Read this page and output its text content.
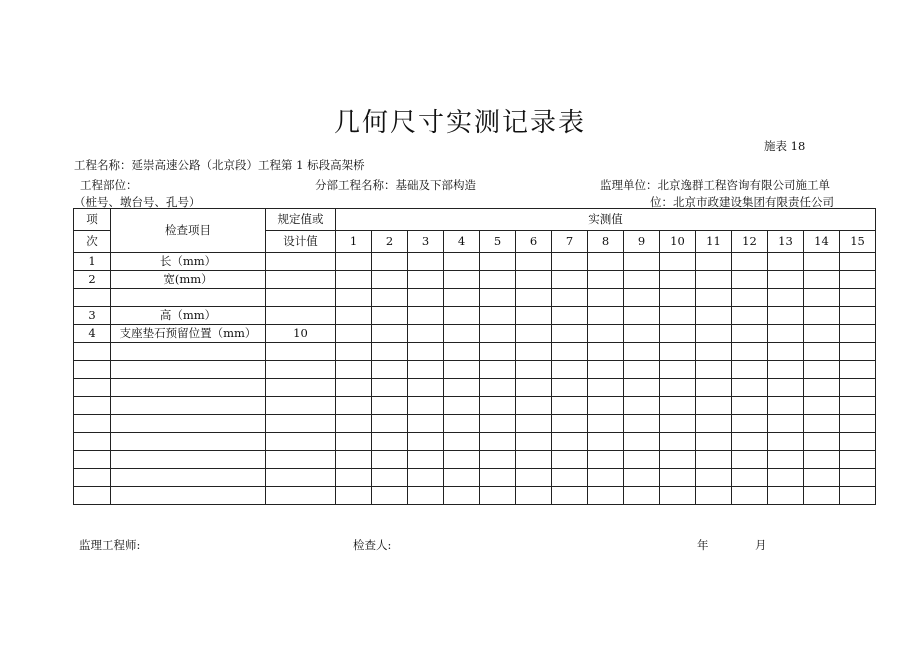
几何尺寸实测记录表
施表 18
工程名称：延崇高速公路（北京段）工程第 1 标段高架桥
工程部位：	分部工程名称：基础及下部构造	监理单位：北京逸群工程咨询有限公司施工单
（桩号、墩台号、孔号）	位：北京市政建设集团有限责任公司
项	检查项目	规定值或	实测值														
次		设计值	1	2	3	4	5	6	7	8	9	10	11	12	13	14	15
1	长（mm）																
2	宽(mm）																

3	高（mm）																
4	支座垫石预留位置（mm）	10															

监理工程师:	检查人:	年	月
